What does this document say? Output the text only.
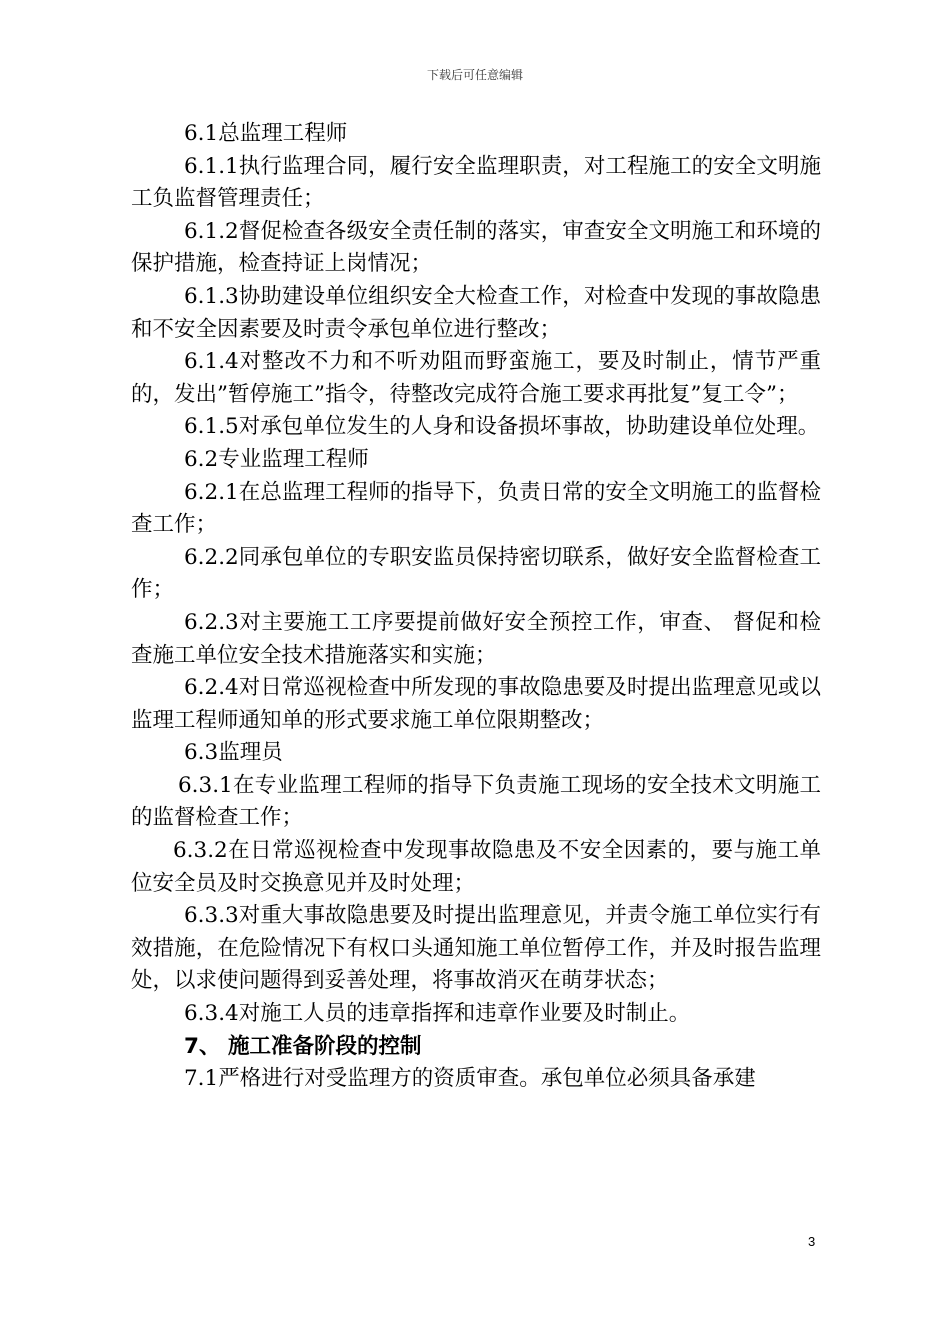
下载后可任意编辑

6.1总监理工程师

6.1.1执行监理合同，履行安全监理职责，对工程施工的安全文明施工负监督管理责任；

6.1.2督促检查各级安全责任制的落实，审查安全文明施工和环境的保护措施，检查持证上岗情况；

6.1.3协助建设单位组织安全大检查工作，对检查中发现的事故隐患和不安全因素要及时责令承包单位进行整改；

6.1.4对整改不力和不听劝阻而野蛮施工，要及时制止，情节严重的，发出”暂停施工”指令，待整改完成符合施工要求再批复”复工令”；

6.1.5对承包单位发生的人身和设备损坏事故，协助建设单位处理。

6.2专业监理工程师

6.2.1在总监理工程师的指导下，负责日常的安全文明施工的监督检查工作；

6.2.2同承包单位的专职安监员保持密切联系，做好安全监督检查工作；

6.2.3对主要施工工序要提前做好安全预控工作，审查、 督促和检查施工单位安全技术措施落实和实施；

6.2.4对日常巡视检查中所发现的事故隐患要及时提出监理意见或以监理工程师通知单的形式要求施工单位限期整改；

6.3监理员

6.3.1在专业监理工程师的指导下负责施工现场的安全技术文明施工的监督检查工作；

6.3.2在日常巡视检查中发现事故隐患及不安全因素的，要与施工单位安全员及时交换意见并及时处理；

6.3.3对重大事故隐患要及时提出监理意见，并责令施工单位实行有效措施，在危险情况下有权口头通知施工单位暂停工作，并及时报告监理处，以求使问题得到妥善处理，将事故消灭在萌芽状态；

6.3.4对施工人员的违章指挥和违章作业要及时制止。

7、 施工准备阶段的控制

7.1严格进行对受监理方的资质审查。承包单位必须具备承建

3
